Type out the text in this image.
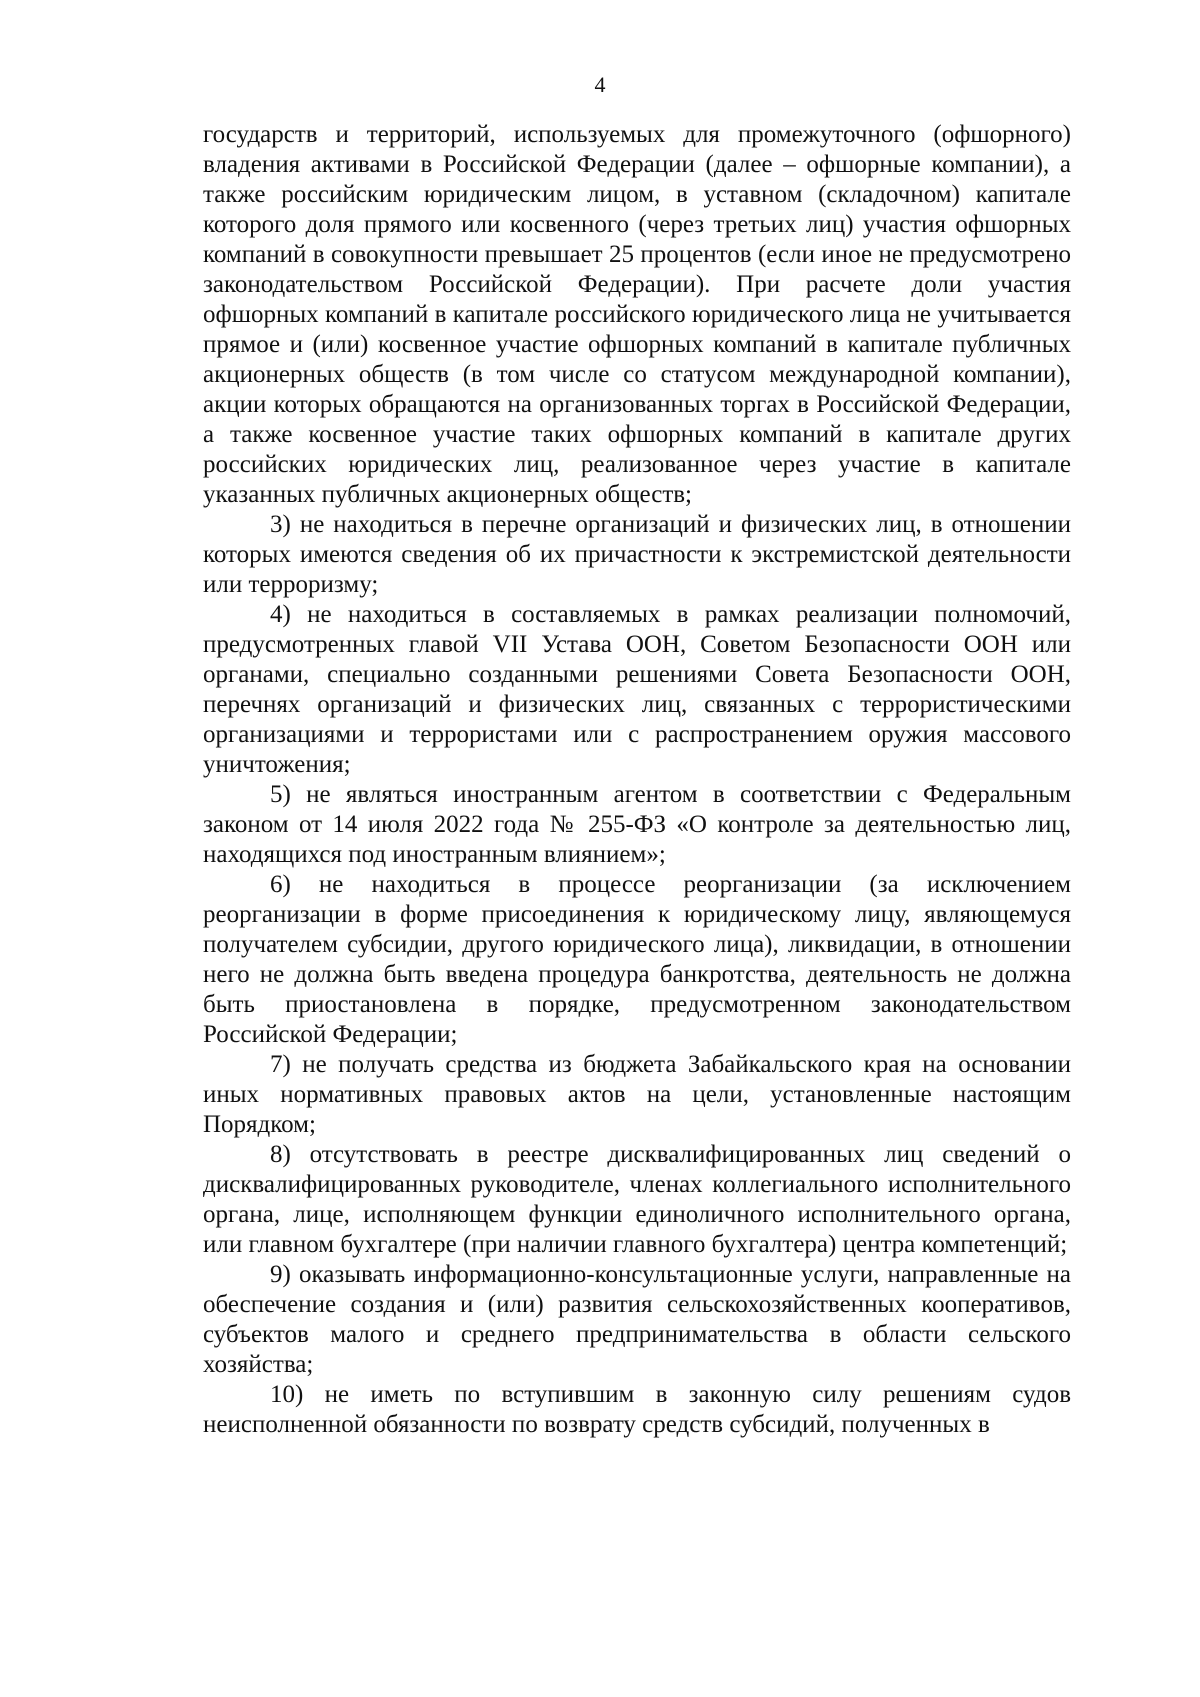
4

государств и территорий, используемых для промежуточного (офшорного) владения активами в Российской Федерации (далее – офшорные компании), а также российским юридическим лицом, в уставном (складочном) капитале которого доля прямого или косвенного (через третьих лиц) участия офшорных компаний в совокупности превышает 25 процентов (если иное не предусмотрено законодательством Российской Федерации). При расчете доли участия офшорных компаний в капитале российского юридического лица не учитывается прямое и (или) косвенное участие офшорных компаний в капитале публичных акционерных обществ (в том числе со статусом международной компании), акции которых обращаются на организованных торгах в Российской Федерации, а также косвенное участие таких офшорных компаний в капитале других российских юридических лиц, реализованное через участие в капитале указанных публичных акционерных обществ;

3) не находиться в перечне организаций и физических лиц, в отношении которых имеются сведения об их причастности к экстремистской деятельности или терроризму;

4) не находиться в составляемых в рамках реализации полномочий, предусмотренных главой VII Устава ООН, Советом Безопасности ООН или органами, специально созданными решениями Совета Безопасности ООН, перечнях организаций и физических лиц, связанных с террористическими организациями и террористами или с распространением оружия массового уничтожения;

5) не являться иностранным агентом в соответствии с Федеральным законом от 14 июля 2022 года № 255-ФЗ «О контроле за деятельностью лиц, находящихся под иностранным влиянием»;

6) не находиться в процессе реорганизации (за исключением реорганизации в форме присоединения к юридическому лицу, являющемуся получателем субсидии, другого юридического лица), ликвидации, в отношении него не должна быть введена процедура банкротства, деятельность не должна быть приостановлена в порядке, предусмотренном законодательством Российской Федерации;

7) не получать средства из бюджета Забайкальского края на основании иных нормативных правовых актов на цели, установленные настоящим Порядком;

8) отсутствовать в реестре дисквалифицированных лиц сведений о дисквалифицированных руководителе, членах коллегиального исполнительного органа, лице, исполняющем функции единоличного исполнительного органа, или главном бухгалтере (при наличии главного бухгалтера) центра компетенций;

9) оказывать информационно-консультационные услуги, направленные на обеспечение создания и (или) развития сельскохозяйственных кооперативов, субъектов малого и среднего предпринимательства в области сельского хозяйства;

10) не иметь по вступившим в законную силу решениям судов неисполненной обязанности по возврату средств субсидий, полученных в
